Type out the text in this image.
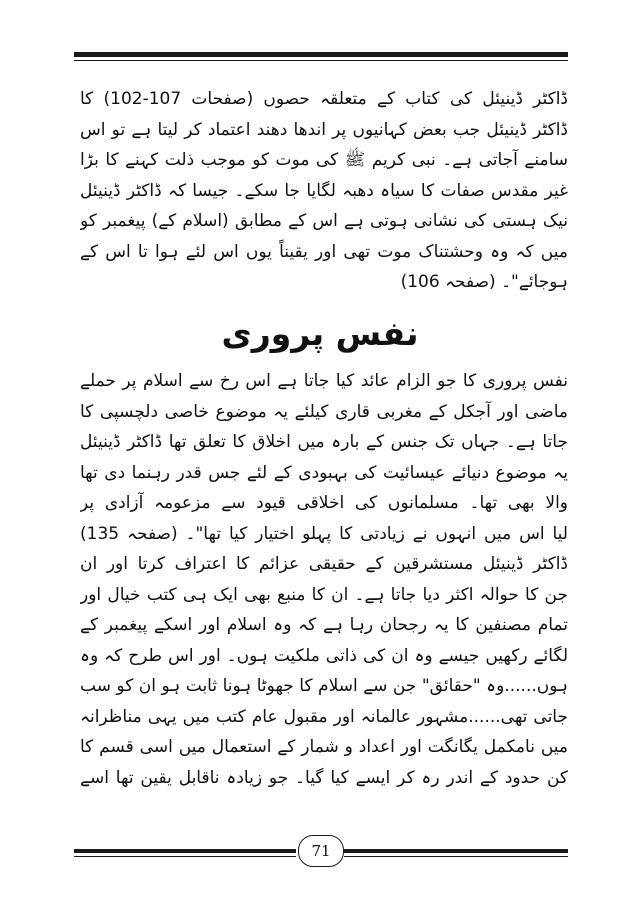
ڈاکٹر ڈینیئل کی کتاب کے متعلقہ حصوں (صفحات 107-102) کا
ڈاکٹر ڈینیئل جب بعض کہانیوں پر اندھا دھند اعتماد کر لیتا ہے تو اس
سامنے آجاتی ہے۔ نبی کریم ﷺ کی موت کو موجب ذلت کہنے کا بڑا
غیر مقدس صفات کا سیاہ دھبہ لگایا جا سکے۔ جیسا کہ ڈاکٹر ڈینیئل
نیک ہستی کی نشانی ہوتی ہے اس کے مطابق (اسلام کے) پیغمبر کو
میں کہ وہ وحشتناک موت تھی اور یقیناً یوں اس لئے ہوا تا اس کے
ہوجائے"۔ (صفحہ 106)
نفس پروری
نفس پروری کا جو الزام عائد کیا جاتا ہے اس رخ سے اسلام پر حملے
ماضی اور آجکل کے مغربی قاری کیلئے یہ موضوع خاصی دلچسپی کا
جاتا ہے۔ جہاں تک جنس کے بارہ میں اخلاق کا تعلق تھا ڈاکٹر ڈینیئل
یہ موضوع دنیائے عیسائیت کی بہبودی کے لئے جس قدر رہنما دی تھا
والا بھی تھا۔ مسلمانوں کی اخلاقی قیود سے مزعومہ آزادی پر
لیا اس میں انہوں نے زیادتی کا پہلو اختیار کیا تھا"۔ (صفحہ 135)
ڈاکٹر ڈینیئل مستشرقین کے حقیقی عزائم کا اعتراف کرتا اور ان
جن کا حوالہ اکثر دیا جاتا ہے۔ ان کا منبع بھی ایک ہی کتب خیال اور
تمام مصنفین کا یہ رجحان رہا ہے کہ وہ اسلام اور اسکے پیغمبر کے
لگائے رکھیں جیسے وہ ان کی ذاتی ملکیت ہوں۔ اور اس طرح کہ وہ
ہوں......وہ "حقائق" جن سے اسلام کا جھوٹا ہونا ثابت ہو ان کو سب
جاتی تھی......مشہور عالمانہ اور مقبول عام کتب میں یہی مناظرانہ
میں نامکمل یگانگت اور اعداد و شمار کے استعمال میں اسی قسم کا
کن حدود کے اندر رہ کر ایسے کیا گیا۔ جو زیادہ ناقابل یقین تھا اسے
71
